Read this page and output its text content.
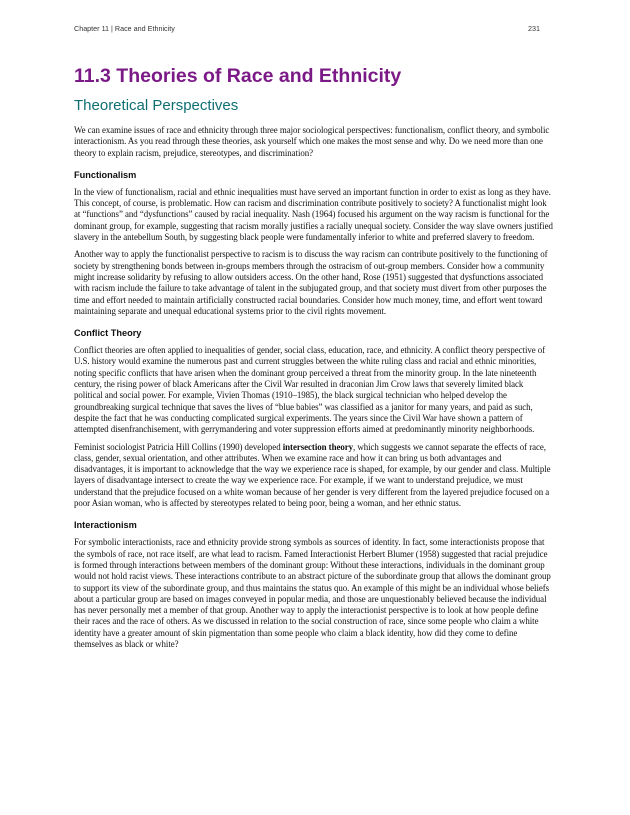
Chapter 11 | Race and Ethnicity	231
11.3 Theories of Race and Ethnicity
Theoretical Perspectives

We can examine issues of race and ethnicity through three major sociological perspectives: functionalism, conflict theory, and symbolic interactionism. As you read through these theories, ask yourself which one makes the most sense and why. Do we need more than one theory to explain racism, prejudice, stereotypes, and discrimination?

Functionalism

In the view of functionalism, racial and ethnic inequalities must have served an important function in order to exist as long as they have. This concept, of course, is problematic. How can racism and discrimination contribute positively to society? A functionalist might look at “functions” and “dysfunctions” caused by racial inequality. Nash (1964) focused his argument on the way racism is functional for the dominant group, for example, suggesting that racism morally justifies a racially unequal society. Consider the way slave owners justified slavery in the antebellum South, by suggesting black people were fundamentally inferior to white and preferred slavery to freedom.

Another way to apply the functionalist perspective to racism is to discuss the way racism can contribute positively to the functioning of society by strengthening bonds between in-groups members through the ostracism of out-group members. Consider how a community might increase solidarity by refusing to allow outsiders access. On the other hand, Rose (1951) suggested that dysfunctions associated with racism include the failure to take advantage of talent in the subjugated group, and that society must divert from other purposes the time and effort needed to maintain artificially constructed racial boundaries. Consider how much money, time, and effort went toward maintaining separate and unequal educational systems prior to the civil rights movement.

Conflict Theory

Conflict theories are often applied to inequalities of gender, social class, education, race, and ethnicity. A conflict theory perspective of U.S. history would examine the numerous past and current struggles between the white ruling class and racial and ethnic minorities, noting specific conflicts that have arisen when the dominant group perceived a threat from the minority group. In the late nineteenth century, the rising power of black Americans after the Civil War resulted in draconian Jim Crow laws that severely limited black political and social power. For example, Vivien Thomas (1910–1985), the black surgical technician who helped develop the groundbreaking surgical technique that saves the lives of “blue babies” was classified as a janitor for many years, and paid as such, despite the fact that he was conducting complicated surgical experiments. The years since the Civil War have shown a pattern of attempted disenfranchisement, with gerrymandering and voter suppression efforts aimed at predominantly minority neighborhoods.

Feminist sociologist Patricia Hill Collins (1990) developed intersection theory, which suggests we cannot separate the effects of race, class, gender, sexual orientation, and other attributes. When we examine race and how it can bring us both advantages and disadvantages, it is important to acknowledge that the way we experience race is shaped, for example, by our gender and class. Multiple layers of disadvantage intersect to create the way we experience race. For example, if we want to understand prejudice, we must understand that the prejudice focused on a white woman because of her gender is very different from the layered prejudice focused on a poor Asian woman, who is affected by stereotypes related to being poor, being a woman, and her ethnic status.

Interactionism

For symbolic interactionists, race and ethnicity provide strong symbols as sources of identity. In fact, some interactionists propose that the symbols of race, not race itself, are what lead to racism. Famed Interactionist Herbert Blumer (1958) suggested that racial prejudice is formed through interactions between members of the dominant group: Without these interactions, individuals in the dominant group would not hold racist views. These interactions contribute to an abstract picture of the subordinate group that allows the dominant group to support its view of the subordinate group, and thus maintains the status quo. An example of this might be an individual whose beliefs about a particular group are based on images conveyed in popular media, and those are unquestionably believed because the individual has never personally met a member of that group. Another way to apply the interactionist perspective is to look at how people define their races and the race of others. As we discussed in relation to the social construction of race, since some people who claim a white identity have a greater amount of skin pigmentation than some people who claim a black identity, how did they come to define themselves as black or white?
